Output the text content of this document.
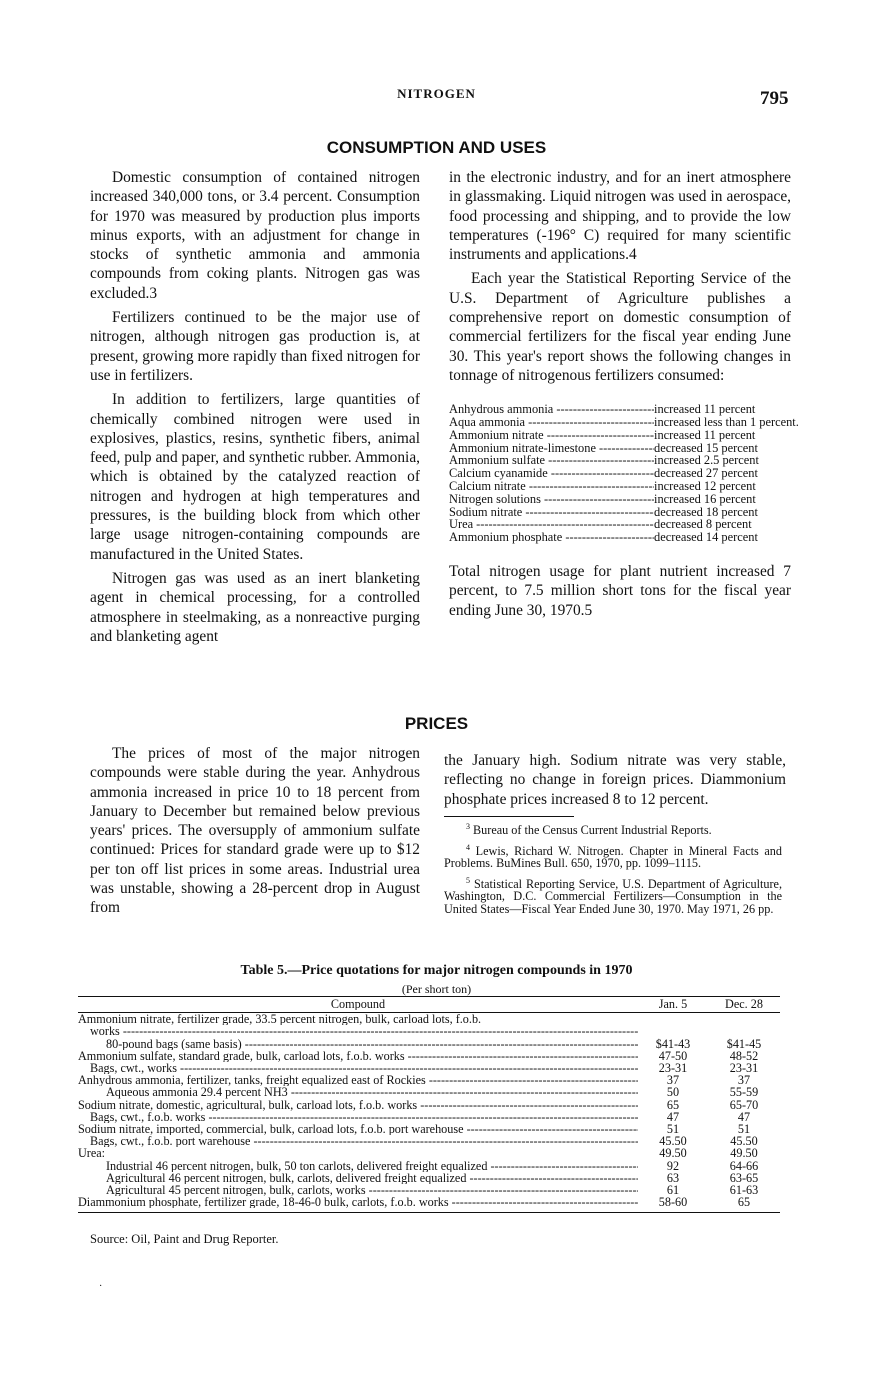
NITROGEN	795
CONSUMPTION AND USES

Domestic consumption of contained nitrogen increased 340,000 tons, or 3.4 percent. Consumption for 1970 was measured by production plus imports minus exports, with an adjustment for change in stocks of synthetic ammonia and ammonia compounds from coking plants. Nitrogen gas was excluded.3

Fertilizers continued to be the major use of nitrogen, although nitrogen gas production is, at present, growing more rapidly than fixed nitrogen for use in fertilizers.

In addition to fertilizers, large quantities of chemically combined nitrogen were used in explosives, plastics, resins, synthetic fibers, animal feed, pulp and paper, and synthetic rubber. Ammonia, which is obtained by the catalyzed reaction of nitrogen and hydrogen at high temperatures and pressures, is the building block from which other large usage nitrogen-containing compounds are manufactured in the United States.

Nitrogen gas was used as an inert blanketing agent in chemical processing, for a controlled atmosphere in steelmaking, as a nonreactive purging and blanketing agent

in the electronic industry, and for an inert atmosphere in glassmaking. Liquid nitrogen was used in aerospace, food processing and shipping, and to provide the low temperatures (-196° C) required for many scientific instruments and applications.4

Each year the Statistical Reporting Service of the U.S. Department of Agriculture publishes a comprehensive report on domestic consumption of commercial fertilizers for the fiscal year ending June 30. This year's report shows the following changes in tonnage of nitrogenous fertilizers consumed:

Anhydrous ammonia -----	increased 11 percent
Aqua ammonia -----	increased less than 1 percent.
Ammonium nitrate -----	increased 11 percent
Ammonium nitrate-limestone -----	decreased 15 percent
Ammonium sulfate -----	increased 2.5 percent
Calcium cyanamide -----	decreased 27 percent
Calcium nitrate -----	increased 12 percent
Nitrogen solutions -----	increased 16 percent
Sodium nitrate -----	decreased 18 percent
Urea -----	decreased 8 percent
Ammonium phosphate -----	decreased 14 percent

Total nitrogen usage for plant nutrient increased 7 percent, to 7.5 million short tons for the fiscal year ending June 30, 1970.5

PRICES

The prices of most of the major nitrogen compounds were stable during the year. Anhydrous ammonia increased in price 10 to 18 percent from January to December but remained below previous years' prices. The oversupply of ammonium sulfate continued: Prices for standard grade were up to $12 per ton off list prices in some areas. Industrial urea was unstable, showing a 28-percent drop in August from

the January high. Sodium nitrate was very stable, reflecting no change in foreign prices. Diammonium phosphate prices increased 8 to 12 percent.

$^3$ Bureau of the Census Current Industrial Reports.

$^4$ Lewis, Richard W. Nitrogen. Chapter in Mineral Facts and Problems. BuMines Bull. 650, 1970, pp. 1099–1115.

$^5$ Statistical Reporting Service, U.S. Department of Agriculture, Washington, D.C. Commercial Fertilizers—Consumption in the United States—Fiscal Year Ended June 30, 1970. May 1971, 26 pp.

Table 5.—Price quotations for major nitrogen compounds in 1970
(Per short ton)
Compound	Jan. 5	Dec. 28
Ammonium nitrate, fertilizer grade, 33.5 percent nitrogen, bulk, carload lots, f.o.b.
works -----
80-pound bags (same basis) -----	$41-43	$41-45
Ammonium sulfate, standard grade, bulk, carload lots, f.o.b. works -----	47-50	48-52
Bags, cwt., works -----	23-31	23-31
Anhydrous ammonia, fertilizer, tanks, freight equalized east of Rockies -----	37	37
Aqueous ammonia 29.4 percent NH3 -----	50	55-59
Sodium nitrate, domestic, agricultural, bulk, carload lots, f.o.b. works -----	65	65-70
Bags, cwt., f.o.b. works -----	47	47
Sodium nitrate, imported, commercial, bulk, carload lots, f.o.b. port warehouse -----	51	51
Bags, cwt., f.o.b. port warehouse -----	45.50	45.50
Urea:	49.50	49.50
Industrial 46 percent nitrogen, bulk, 50 ton carlots, delivered freight equalized -----	92	64-66
Agricultural 46 percent nitrogen, bulk, carlots, delivered freight equalized -----	63	63-65
Agricultural 45 percent nitrogen, bulk, carlots, works -----	61	61-63
Diammonium phosphate, fertilizer grade, 18-46-0 bulk, carlots, f.o.b. works -----	58-60	65
Source: Oil, Paint and Drug Reporter.
·
